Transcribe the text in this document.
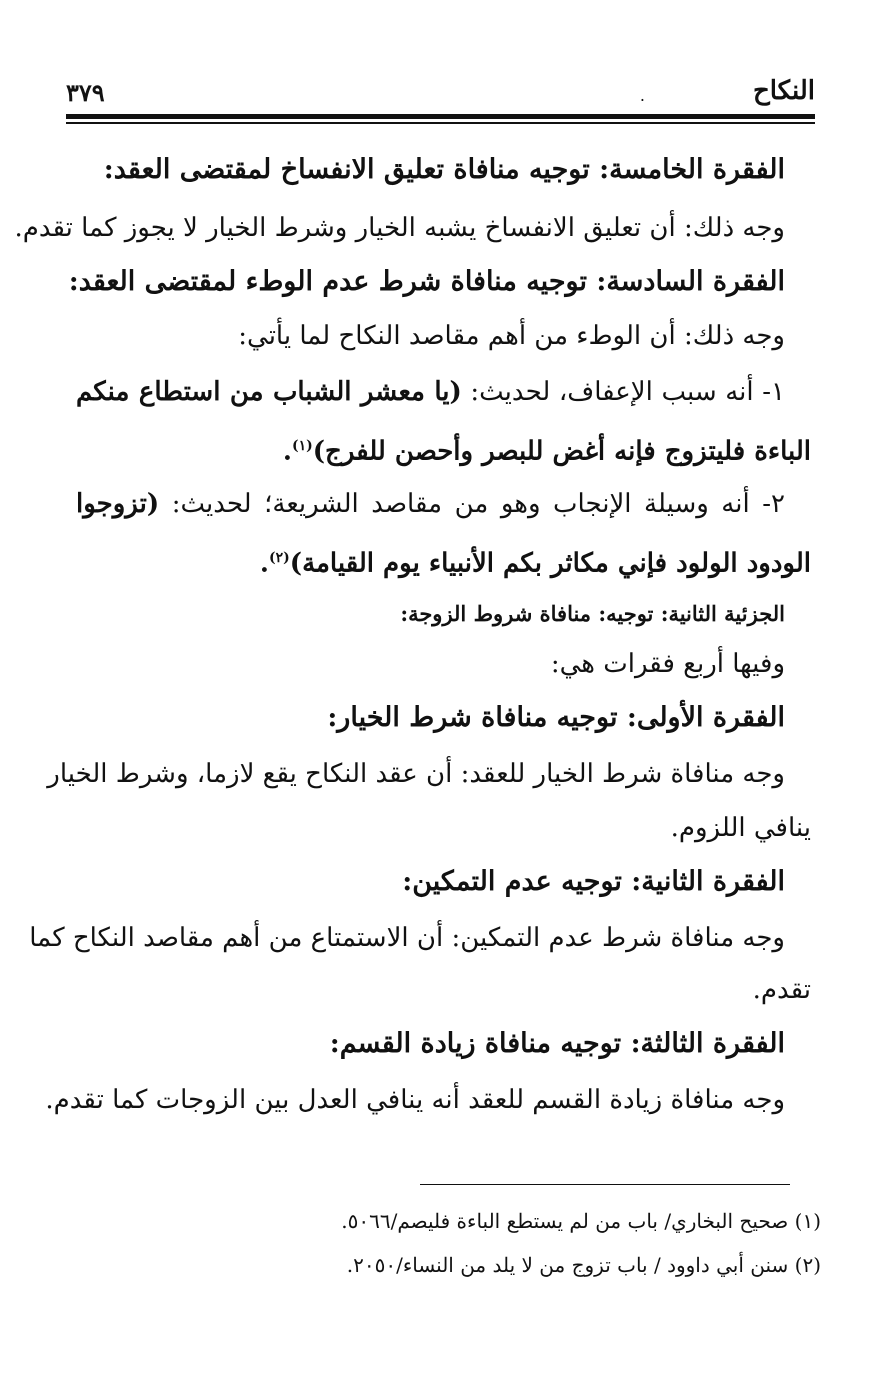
النكاح
.
٣٧٩
الفقرة الخامسة: توجيه منافاة تعليق الانفساخ لمقتضى العقد:
وجه ذلك: أن تعليق الانفساخ يشبه الخيار وشرط الخيار لا يجوز كما تقدم.
الفقرة السادسة: توجيه منافاة شرط عدم الوطء لمقتضى العقد:
وجه ذلك: أن الوطء من أهم مقاصد النكاح لما يأتي:
١- أنه سبب الإعفاف، لحديث: (يا معشر الشباب من استطاع منكم
الباءة فليتزوج فإنه أغض للبصر وأحصن للفرج)$^{(١)}$.
٢- أنه وسيلة الإنجاب وهو من مقاصد الشريعة؛ لحديث: (تزوجوا
الودود الولود فإني مكاثر بكم الأنبياء يوم القيامة)$^{(٢)}$.
الجزئية الثانية: توجيه: منافاة شروط الزوجة:
وفيها أربع فقرات هي:
الفقرة الأولى: توجيه منافاة شرط الخيار:
وجه منافاة شرط الخيار للعقد: أن عقد النكاح يقع لازما، وشرط الخيار
ينافي اللزوم.
الفقرة الثانية: توجيه عدم التمكين:
وجه منافاة شرط عدم التمكين: أن الاستمتاع من أهم مقاصد النكاح كما
تقدم.
الفقرة الثالثة: توجيه منافاة زيادة القسم:
وجه منافاة زيادة القسم للعقد أنه ينافي العدل بين الزوجات كما تقدم.
(١) صحيح البخاري/ باب من لم يستطع الباءة فليصم/٥٠٦٦.
(٢) سنن أبي داوود / باب تزوج من لا يلد من النساء/٢٠٥٠.
